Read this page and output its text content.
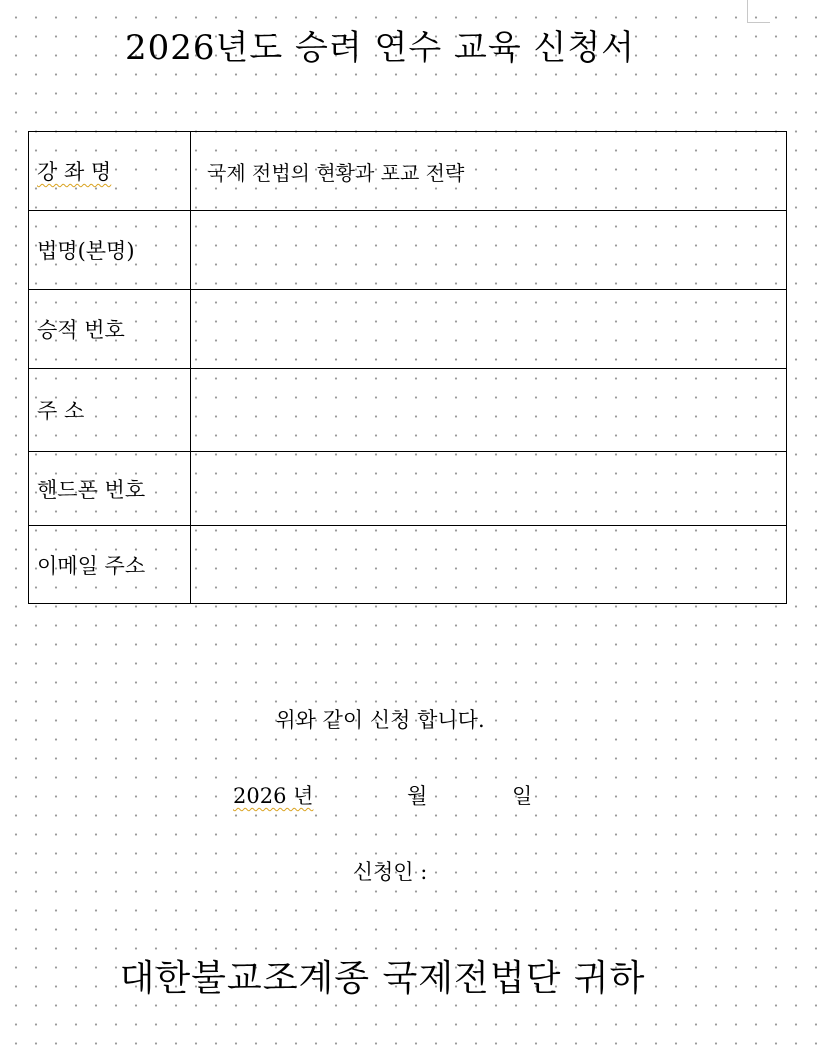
2026년도 승려 연수 교육 신청서
강 좌 명	국제 전법의 현황과 포교 전략
법명(본명)	
승적 번호	
주 소	
핸드폰 번호	
이메일 주소	
위와 같이 신청 합니다.
2026 년	월	일
신청인 :
대한불교조계종 국제전법단 귀하
